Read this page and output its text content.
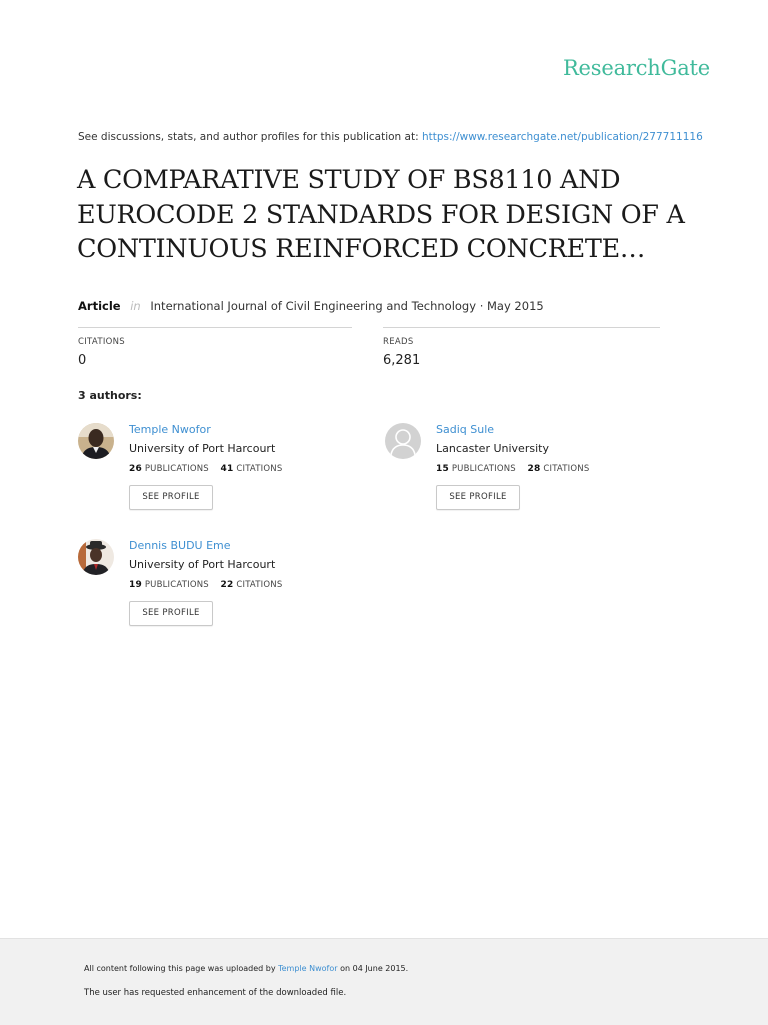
ResearchGate
See discussions, stats, and author profiles for this publication at: https://www.researchgate.net/publication/277711116
A COMPARATIVE STUDY OF BS8110 AND EUROCODE 2 STANDARDS FOR DESIGN OF A CONTINUOUS REINFORCED CONCRETE…
Article in International Journal of Civil Engineering and Technology · May 2015
CITATIONS
0
READS
6,281
3 authors:
Temple Nwofor
University of Port Harcourt
26 PUBLICATIONS 41 CITATIONS
SEE PROFILE
Sadiq Sule
Lancaster University
15 PUBLICATIONS 28 CITATIONS
SEE PROFILE
Dennis BUDU Eme
University of Port Harcourt
19 PUBLICATIONS 22 CITATIONS
SEE PROFILE
All content following this page was uploaded by Temple Nwofor on 04 June 2015.
The user has requested enhancement of the downloaded file.
